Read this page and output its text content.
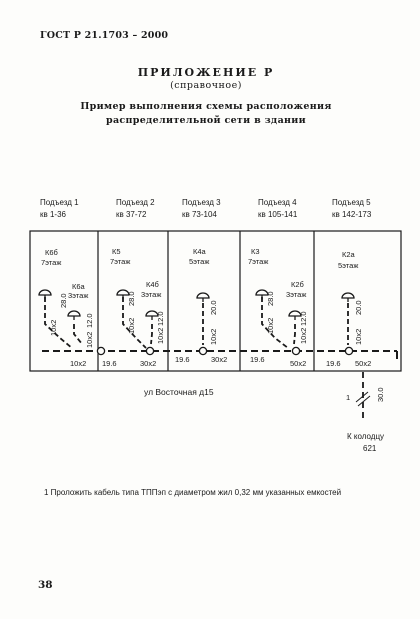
ГОСТ Р 21.1703 – 2000
ПРИЛОЖЕНИЕ Р
(справочное)
Пример выполнения схемы расположения
распределительной сети в здании
Подъезд 1
кв 1-36
Подъезд 2
кв 37-72
Подъезд 3
кв 73-104
Подъезд 4
кв 105-141
Подъезд 5
кв 142-173
К6б
7этаж
К6а
3этаж
К5
7этаж
К4б
3этаж
К4а
5этаж
К3
7этаж
К2б
3этаж
К2а
5этаж
10x2
28.0
10x2
12.0	10x2
28.0
10x2
12.0
10x2
20.0
10x2
28.0
10x2
12.0
10x2
20.0
10x2 19.6	30x2 19.6	30x2	19.6	50x2	19.6 50x2
ул Восточная д15
1	30.0
К колодцу
621
1 Проложить кабель типа ТППэп с диаметром жил 0,32 мм указанных емкостей
38
